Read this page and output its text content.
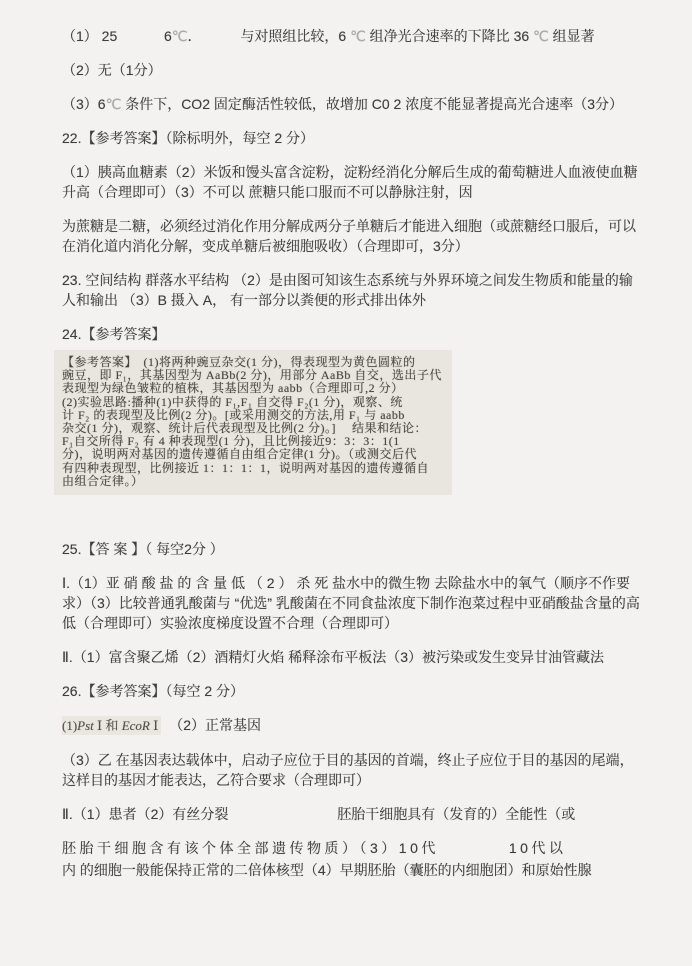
（1） 25	6℃．	与对照组比较，6 ℃ 组净光合速率的下降比 36 ℃ 组显著

（2）无（1分）

（3）6℃ 条件下，CO2 固定酶活性较低，故增加 C0 2 浓度不能显著提高光合速率（3分）

22.【参考答案】（除标明外，每空 2 分）

（1）胰高血糖素（2）米饭和馒头富含淀粉，淀粉经消化分解后生成的葡萄糖进人血液使血糖升高（合理即可）（3）不可以 蔗糖只能口服而不可以静脉注射，因

为蔗糖是二糖，必须经过消化作用分解成两分子单糖后才能进入细胞（或蔗糖经口服后，可以在消化道内消化分解，变成单糖后被细胞吸收）（合理即可，3分）

23. 空间结构 群落水平结构 （2）是由图可知该生态系统与外界环境之间发生物质和能量的输人和输出 （3）B 摄入 A， 有一部分以粪便的形式排出体外

24.【参考答案】

【参考答案】　(1)将两种豌豆杂交(1 分)，得表现型为黄色圆粒的
豌豆，即 F₁，其基因型为 AaBb(2 分)，用部分 AaBb 自交，选出子代
表现型为绿色皱粒的植株，其基因型为 aabb（合理即可,2 分）
(2)实验思路:播种(1)中获得的 F₁,F₁ 自交得 F₂(1 分)，观察、统
计 F₂ 的表现型及比例(2 分)。[或采用测交的方法,用 F₁ 与 aabb
杂交(1 分)，观察、统计后代表现型及比例(2 分)。]　 结果和结论：
F₁自交所得 F₂ 有 4 种表现型(1 分)，且比例接近9：3：3：1(1
分)，说明两对基因的遗传遵循自由组合定律(1 分)。（或测交后代
有四种表现型，比例接近 1：1：1：1，说明两对基因的遗传遵循自
由组合定律。）

25.【答 案 】（ 每空2分 ）

Ⅰ.（1）亚 硝 酸 盐 的 含 量 低 （ 2 ） 杀 死 盐水中的微生物 去除盐水中的氧气（顺序不作要求）（3）比较普通乳酸菌与 “优选” 乳酸菌在不同食盐浓度下制作泡菜过程中亚硝酸盐含量的高低（合理即可）实验浓度梯度设置不合理（合理即可）

Ⅱ.（1）富含聚乙烯（2）酒精灯火焰 稀释涂布平板法（3）被污染或发生变异甘油管藏法

26.【参考答案】（每空 2 分）

(1)Pst Ⅰ 和 EcoR Ⅰ   （2）正常基因

（3）乙 在基因表达载体中，启动子应位于目的基因的首端，终止子应位于目的基因的尾端，这样目的基因才能表达，乙符合要求（合理即可）

Ⅱ.（1）患者（2）有丝分裂                            胚胎干细胞具有（发育的）全能性（或

胚胎干细胞含有该个体全部遗传物质）（3）10代　　　　10代以

内 的细胞一般能保持正常的二倍体核型（4）早期胚胎（囊胚的内细胞团）和原始性腺
